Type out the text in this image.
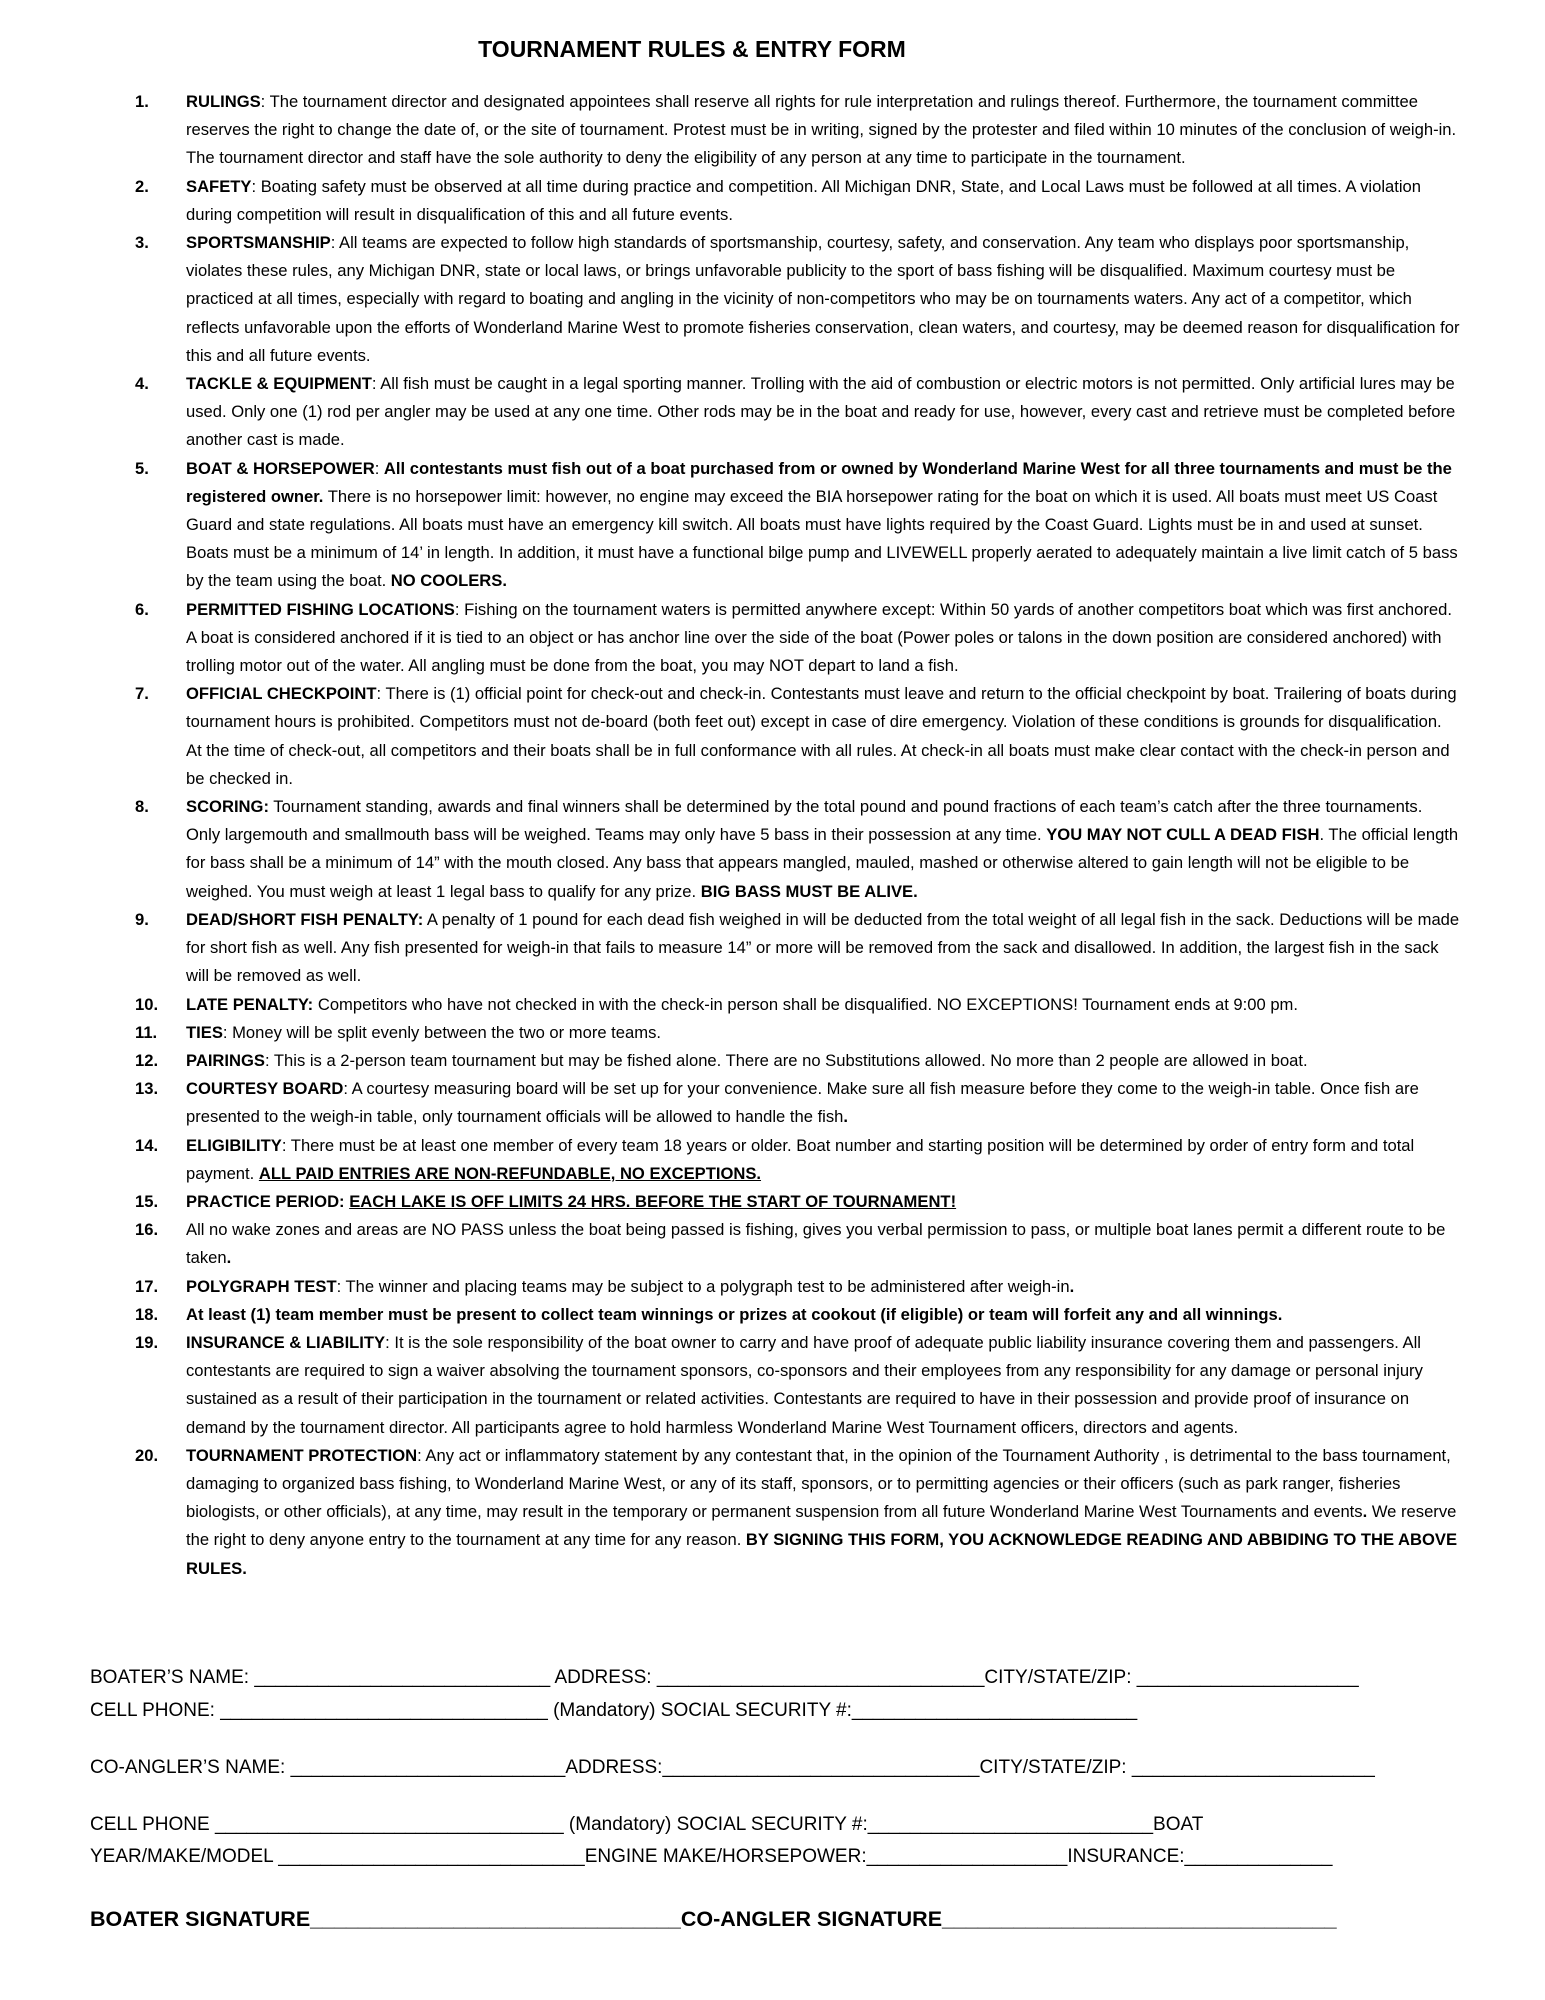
TOURNAMENT RULES & ENTRY FORM
1.	RULINGS: The tournament director and designated appointees shall reserve all rights for rule interpretation and rulings thereof. Furthermore, the tournament committee reserves the right to change the date of, or the site of tournament. Protest must be in writing, signed by the protester and filed within 10 minutes of the conclusion of weigh-in. The tournament director and staff have the sole authority to deny the eligibility of any person at any time to participate in the tournament.
2.	SAFETY: Boating safety must be observed at all time during practice and competition. All Michigan DNR, State, and Local Laws must be followed at all times. A violation during competition will result in disqualification of this and all future events.
3.	SPORTSMANSHIP: All teams are expected to follow high standards of sportsmanship, courtesy, safety, and conservation. Any team who displays poor sportsmanship, violates these rules, any Michigan DNR, state or local laws, or brings unfavorable publicity to the sport of bass fishing will be disqualified. Maximum courtesy must be practiced at all times, especially with regard to boating and angling in the vicinity of non-competitors who may be on tournaments waters. Any act of a competitor, which reflects unfavorable upon the efforts of Wonderland Marine West to promote fisheries conservation, clean waters, and courtesy, may be deemed reason for disqualification for this and all future events.
4.	TACKLE & EQUIPMENT: All fish must be caught in a legal sporting manner. Trolling with the aid of combustion or electric motors is not permitted. Only artificial lures may be used. Only one (1) rod per angler may be used at any one time. Other rods may be in the boat and ready for use, however, every cast and retrieve must be completed before another cast is made.
5.	BOAT & HORSEPOWER: All contestants must fish out of a boat purchased from or owned by Wonderland Marine West for all three tournaments and must be the registered owner. There is no horsepower limit: however, no engine may exceed the BIA horsepower rating for the boat on which it is used. All boats must meet US Coast Guard and state regulations. All boats must have an emergency kill switch. All boats must have lights required by the Coast Guard. Lights must be in and used at sunset. Boats must be a minimum of 14’ in length. In addition, it must have a functional bilge pump and LIVEWELL properly aerated to adequately maintain a live limit catch of 5 bass by the team using the boat. NO COOLERS.
6.	PERMITTED FISHING LOCATIONS: Fishing on the tournament waters is permitted anywhere except: Within 50 yards of another competitors boat which was first anchored. A boat is considered anchored if it is tied to an object or has anchor line over the side of the boat (Power poles or talons in the down position are considered anchored) with trolling motor out of the water. All angling must be done from the boat, you may NOT depart to land a fish.
7.	OFFICIAL CHECKPOINT: There is (1) official point for check-out and check-in. Contestants must leave and return to the official checkpoint by boat. Trailering of boats during tournament hours is prohibited. Competitors must not de-board (both feet out) except in case of dire emergency. Violation of these conditions is grounds for disqualification. At the time of check-out, all competitors and their boats shall be in full conformance with all rules. At check-in all boats must make clear contact with the check-in person and be checked in.
8.	SCORING: Tournament standing, awards and final winners shall be determined by the total pound and pound fractions of each team’s catch after the three tournaments. Only largemouth and smallmouth bass will be weighed. Teams may only have 5 bass in their possession at any time. YOU MAY NOT CULL A DEAD FISH. The official length for bass shall be a minimum of 14” with the mouth closed. Any bass that appears mangled, mauled, mashed or otherwise altered to gain length will not be eligible to be weighed. You must weigh at least 1 legal bass to qualify for any prize. BIG BASS MUST BE ALIVE.
9.	DEAD/SHORT FISH PENALTY: A penalty of 1 pound for each dead fish weighed in will be deducted from the total weight of all legal fish in the sack. Deductions will be made for short fish as well. Any fish presented for weigh-in that fails to measure 14” or more will be removed from the sack and disallowed. In addition, the largest fish in the sack will be removed as well.
10.	LATE PENALTY: Competitors who have not checked in with the check-in person shall be disqualified. NO EXCEPTIONS! Tournament ends at 9:00 pm.
11.	TIES: Money will be split evenly between the two or more teams.
12.	PAIRINGS: This is a 2-person team tournament but may be fished alone. There are no Substitutions allowed. No more than 2 people are allowed in boat.
13.	COURTESY BOARD: A courtesy measuring board will be set up for your convenience. Make sure all fish measure before they come to the weigh-in table. Once fish are presented to the weigh-in table, only tournament officials will be allowed to handle the fish.
14.	ELIGIBILITY: There must be at least one member of every team 18 years or older. Boat number and starting position will be determined by order of entry form and total payment. ALL PAID ENTRIES ARE NON-REFUNDABLE, NO EXCEPTIONS.
15.	PRACTICE PERIOD: EACH LAKE IS OFF LIMITS 24 HRS. BEFORE THE START OF TOURNAMENT!
16.	All no wake zones and areas are NO PASS unless the boat being passed is fishing, gives you verbal permission to pass, or multiple boat lanes permit a different route to be taken.
17.	POLYGRAPH TEST: The winner and placing teams may be subject to a polygraph test to be administered after weigh-in.
18.	At least (1) team member must be present to collect team winnings or prizes at cookout (if eligible) or team will forfeit any and all winnings.
19.	INSURANCE & LIABILITY: It is the sole responsibility of the boat owner to carry and have proof of adequate public liability insurance covering them and passengers. All contestants are required to sign a waiver absolving the tournament sponsors, co-sponsors and their employees from any responsibility for any damage or personal injury sustained as a result of their participation in the tournament or related activities. Contestants are required to have in their possession and provide proof of insurance on demand by the tournament director. All participants agree to hold harmless Wonderland Marine West Tournament officers, directors and agents.
20.	TOURNAMENT PROTECTION: Any act or inflammatory statement by any contestant that, in the opinion of the Tournament Authority , is detrimental to the bass tournament, damaging to organized bass fishing, to Wonderland Marine West, or any of its staff, sponsors, or to permitting agencies or their officers (such as park ranger, fisheries biologists, or other officials), at any time, may result in the temporary or permanent suspension from all future Wonderland Marine West Tournaments and events. We reserve the right to deny anyone entry to the tournament at any time for any reason. BY SIGNING THIS FORM, YOU ACKNOWLEDGE READING AND ABBIDING TO THE ABOVE RULES.
BOATER’S NAME: ____________________________ ADDRESS: _______________________________CITY/STATE/ZIP: _____________________
CELL PHONE: _______________________________ (Mandatory) SOCIAL SECURITY #:___________________________
CO-ANGLER’S NAME: __________________________ADDRESS:______________________________CITY/STATE/ZIP: _______________________
CELL PHONE _________________________________ (Mandatory) SOCIAL SECURITY #:___________________________BOAT
YEAR/MAKE/MODEL _____________________________ENGINE MAKE/HORSEPOWER:___________________INSURANCE:______________
BOATER SIGNATURE_______________________________CO-ANGLER SIGNATURE_________________________________
